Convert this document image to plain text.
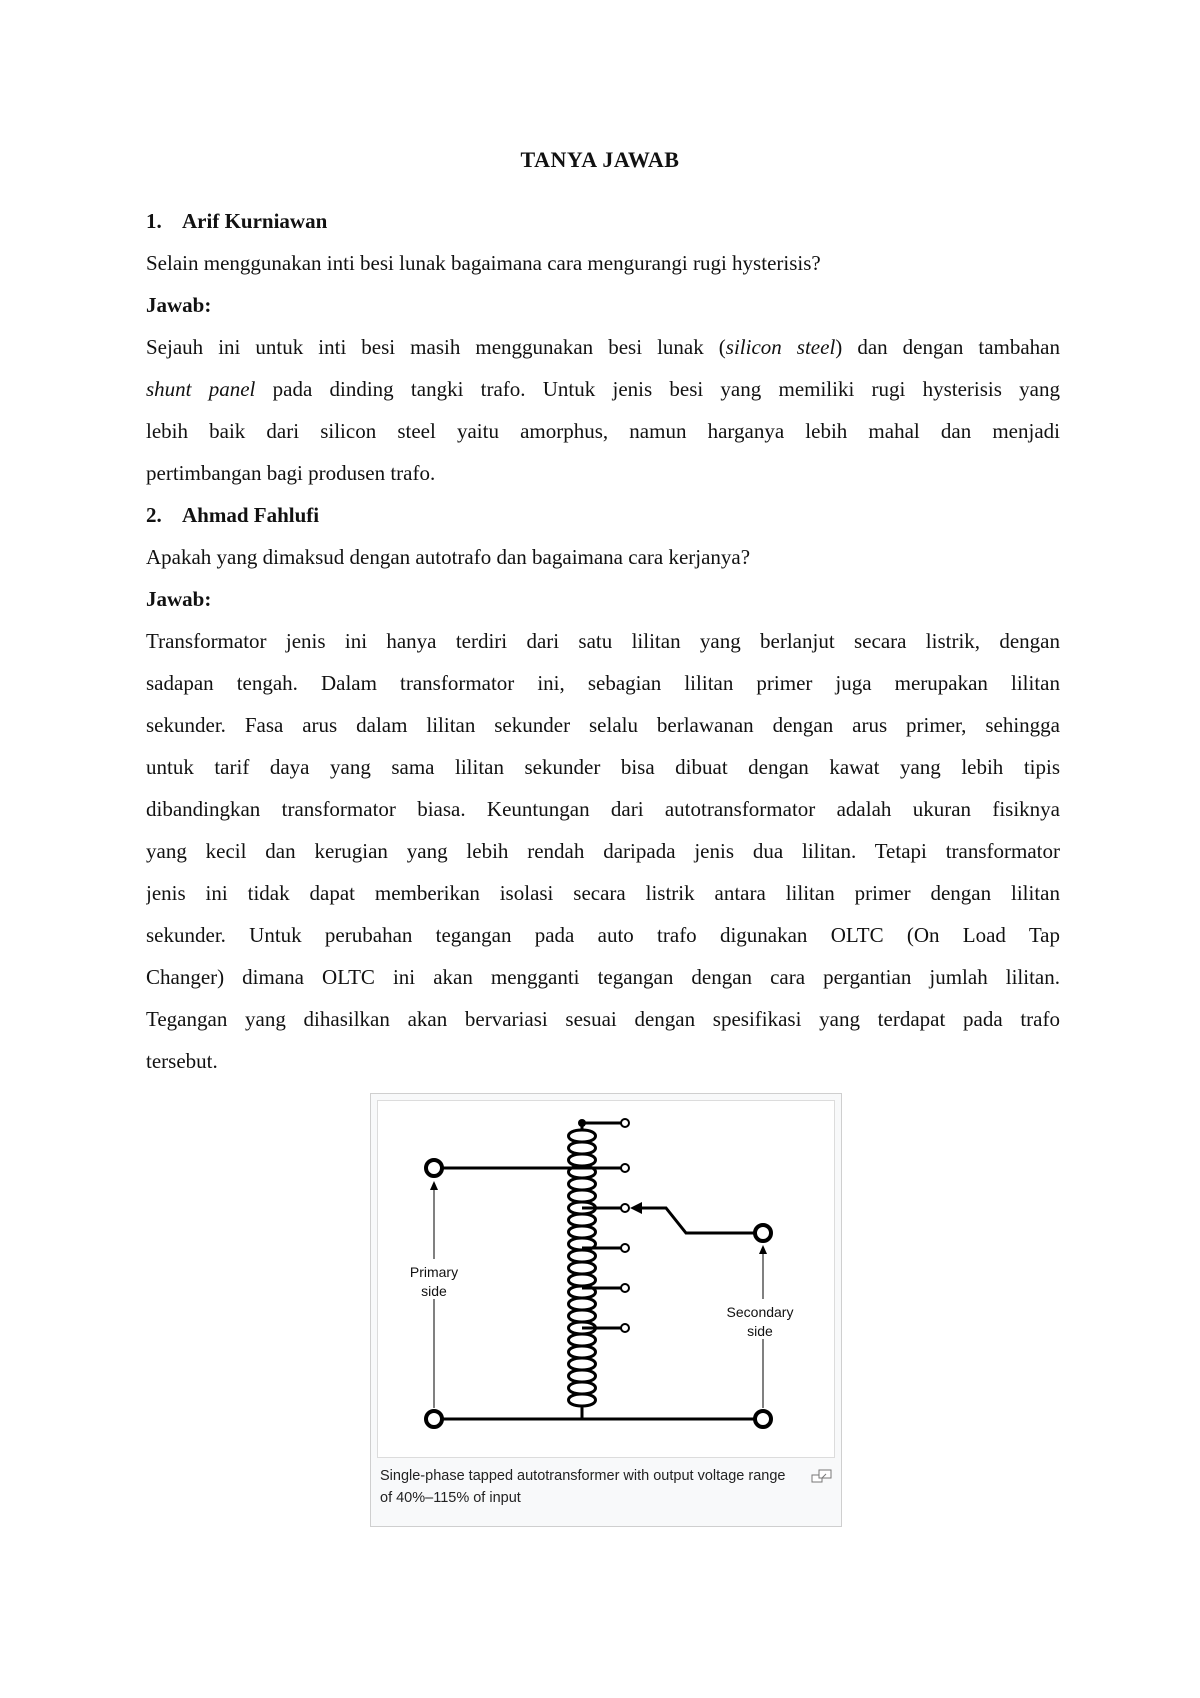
TANYA JAWAB
1. Arif Kurniawan
Selain menggunakan inti besi lunak bagaimana cara mengurangi rugi hysterisis?
Jawab:
Sejauh ini untuk inti besi masih menggunakan besi lunak (silicon steel) dan dengan tambahan
shunt panel pada dinding tangki trafo. Untuk jenis besi yang memiliki rugi hysterisis yang
lebih baik dari silicon steel yaitu amorphus, namun harganya lebih mahal dan menjadi
pertimbangan bagi produsen trafo.
2. Ahmad Fahlufi
Apakah yang dimaksud dengan autotrafo dan bagaimana cara kerjanya?
Jawab:
Transformator jenis ini hanya terdiri dari satu lilitan yang berlanjut secara listrik, dengan
sadapan tengah. Dalam transformator ini, sebagian lilitan primer juga merupakan lilitan
sekunder. Fasa arus dalam lilitan sekunder selalu berlawanan dengan arus primer, sehingga
untuk tarif daya yang sama lilitan sekunder bisa dibuat dengan kawat yang lebih tipis
dibandingkan transformator biasa. Keuntungan dari autotransformator adalah ukuran fisiknya
yang kecil dan kerugian yang lebih rendah daripada jenis dua lilitan. Tetapi transformator
jenis ini tidak dapat memberikan isolasi secara listrik antara lilitan primer dengan lilitan
sekunder. Untuk perubahan tegangan pada auto trafo digunakan OLTC (On Load Tap
Changer) dimana OLTC ini akan mengganti tegangan dengan cara pergantian jumlah lilitan.
Tegangan yang dihasilkan akan bervariasi sesuai dengan spesifikasi yang terdapat pada trafo
tersebut.
Primary
side
Secondary
side
Single-phase tapped autotransformer with output voltage range of 40%–115% of input
